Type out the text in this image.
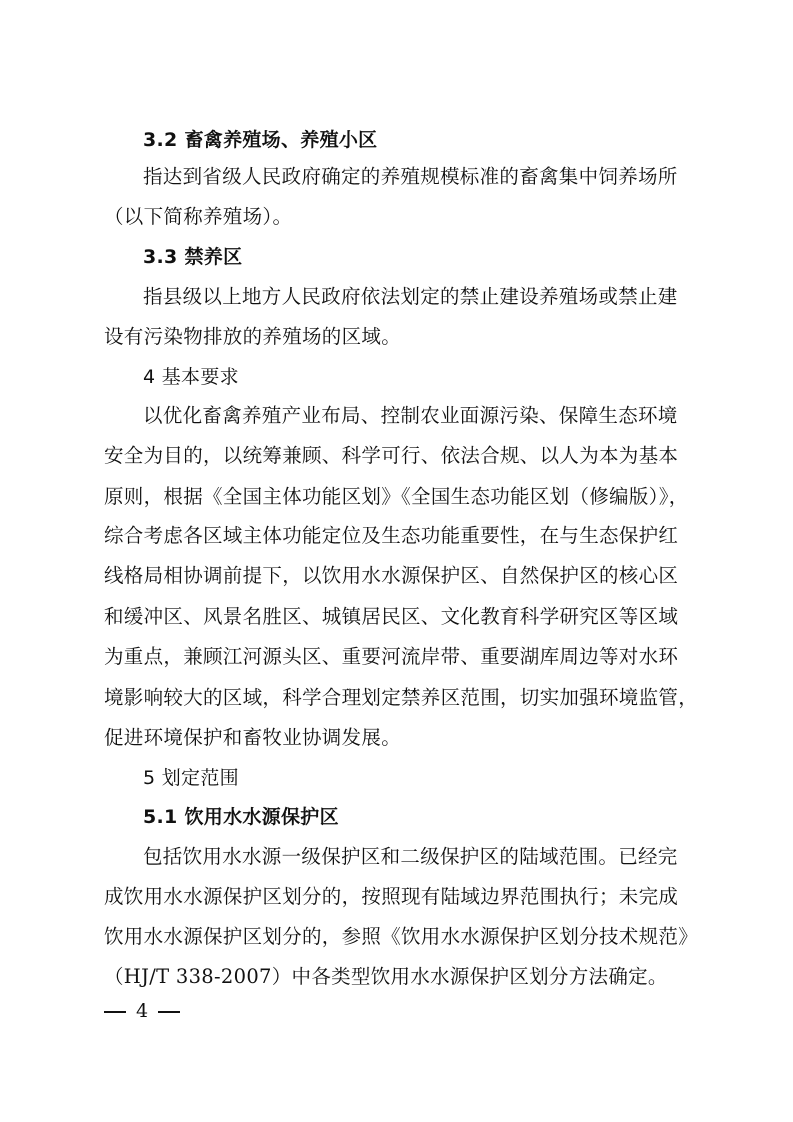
3.2 畜禽养殖场、养殖小区
指达到省级人民政府确定的养殖规模标准的畜禽集中饲养场所
（以下简称养殖场）。
3.3 禁养区
指县级以上地方人民政府依法划定的禁止建设养殖场或禁止建
设有污染物排放的养殖场的区域。
4 基本要求
以优化畜禽养殖产业布局、控制农业面源污染、保障生态环境
安全为目的，以统筹兼顾、科学可行、依法合规、以人为本为基本
原则，根据《全国主体功能区划》《全国生态功能区划（修编版）》，
综合考虑各区域主体功能定位及生态功能重要性，在与生态保护红
线格局相协调前提下，以饮用水水源保护区、自然保护区的核心区
和缓冲区、风景名胜区、城镇居民区、文化教育科学研究区等区域
为重点，兼顾江河源头区、重要河流岸带、重要湖库周边等对水环
境影响较大的区域，科学合理划定禁养区范围，切实加强环境监管，
促进环境保护和畜牧业协调发展。
5 划定范围
5.1 饮用水水源保护区
包括饮用水水源一级保护区和二级保护区的陆域范围。已经完
成饮用水水源保护区划分的，按照现有陆域边界范围执行；未完成
饮用水水源保护区划分的，参照《饮用水水源保护区划分技术规范》
（HJ/T 338-2007）中各类型饮用水水源保护区划分方法确定。
4
